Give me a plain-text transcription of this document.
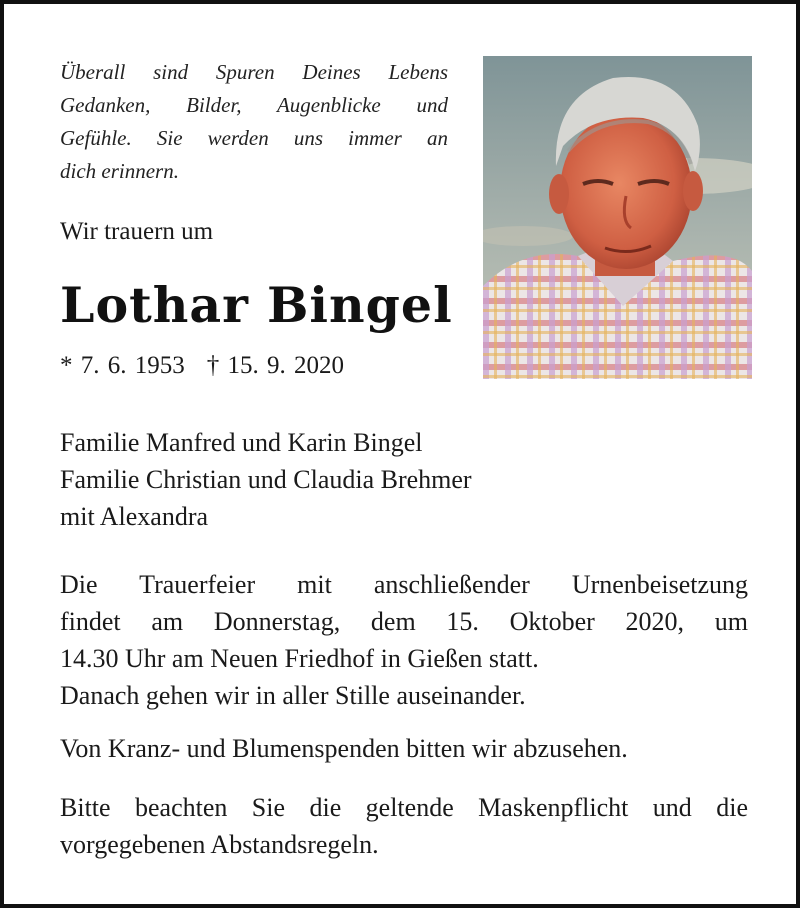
Überall sind Spuren Deines Lebens
Gedanken, Bilder, Augenblicke und
Gefühle. Sie werden uns immer an
dich erinnern.
Wir trauern um
Lothar Bingel
* 7. 6. 1953 † 15. 9. 2020
Familie Manfred und Karin Bingel
Familie Christian und Claudia Brehmer
mit Alexandra
Die Trauerfeier mit anschließender Urnenbeisetzung
findet am Donnerstag, dem 15. Oktober 2020, um
14.30 Uhr am Neuen Friedhof in Gießen statt.
Danach gehen wir in aller Stille auseinander.
Von Kranz- und Blumenspenden bitten wir abzusehen.
Bitte beachten Sie die geltende Maskenpflicht und die
vorgegebenen Abstandsregeln.
